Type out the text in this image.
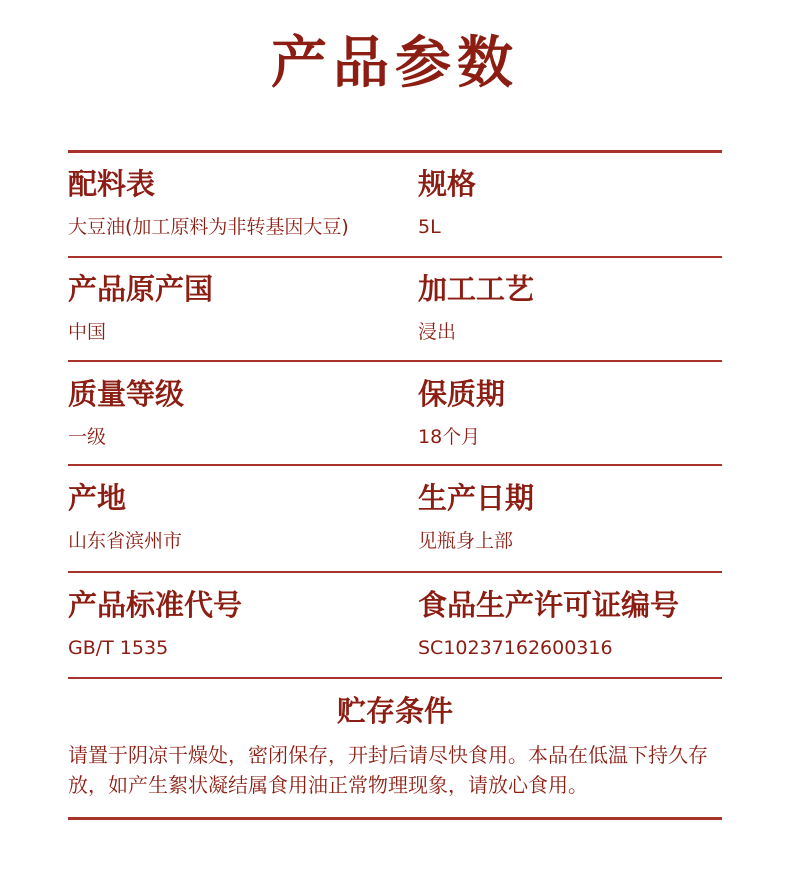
产品参数
配料表
大豆油(加工原料为非转基因大豆)
规格
5L
产品原产国
中国
加工工艺
浸出
质量等级
一级
保质期
18个月
产地
山东省滨州市
生产日期
见瓶身上部
产品标准代号
GB/T 1535
食品生产许可证编号
SC10237162600316
贮存条件

请置于阴凉干燥处，密闭保存，开封后请尽快食用。本品在低温下持久存放，如产生絮状凝结属食用油正常物理现象，请放心食用。
